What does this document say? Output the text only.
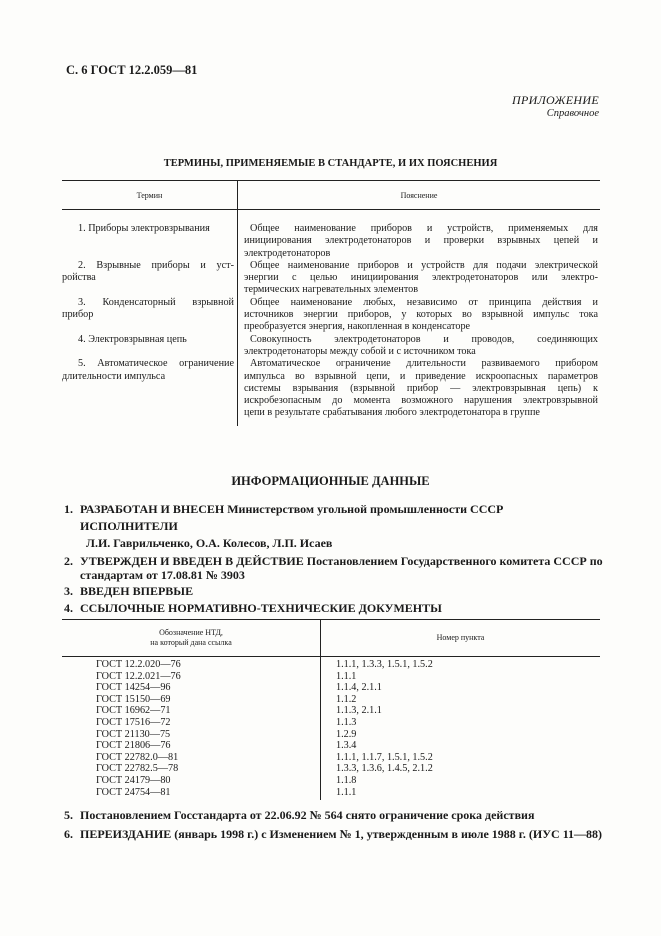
С. 6 ГОСТ 12.2.059—81
ПРИЛОЖЕНИЕ
Справочное
ТЕРМИНЫ, ПРИМЕНЯЕМЫЕ В СТАНДАРТЕ, И ИХ ПОЯСНЕНИЯ
Термин	Пояснение
1. Приборы электровзрывания
2. Взрывные приборы и уст-
ройства
3. Конденсаторный взрывной
прибор
4. Электровзрывная цепь
5. Автоматическое ограничение
длительности импульса
Общее наименование приборов и устройств, применяемых для
инициирования электродетонаторов и проверки взрывных цепей и
электродетонаторов
Общее наименование приборов и устройств для подачи электрической
энергии с целью инициирования электродетонаторов или электро-
термических нагревательных элементов
Общее наименование любых, независимо от принципа действия и
источников энергии приборов, у которых во взрывной импульс тока
преобразуется энергия, накопленная в конденсаторе
Совокупность электродетонаторов и проводов, соединяющих
электродетонаторы между собой и с источником тока
Автоматическое ограничение длительности развиваемого прибором
импульса во взрывной цепи, и приведение искроопасных параметров
системы взрывания (взрывной прибор — электровзрывная цепь) к
искробезопасным до момента возможного нарушения электровзрывной
цепи в результате срабатывания любого электродетонатора в группе
ИНФОРМАЦИОННЫЕ ДАННЫЕ
1. РАЗРАБОТАН И ВНЕСЕН Министерством угольной промышленности СССР
ИСПОЛНИТЕЛИ
Л.И. Гаврильченко, О.А. Колесов, Л.П. Исаев
2. УТВЕРЖДЕН И ВВЕДЕН В ДЕЙСТВИЕ Постановлением Государственного комитета СССР по
стандартам от 17.08.81 № 3903
3. ВВЕДЕН ВПЕРВЫЕ
4. ССЫЛОЧНЫЕ НОРМАТИВНО-ТЕХНИЧЕСКИЕ ДОКУМЕНТЫ
Обозначение НТД,
на который дана ссылка
Номер пункта
ГОСТ 12.2.020—76
ГОСТ 12.2.021—76
ГОСТ 14254—96
ГОСТ 15150—69
ГОСТ 16962—71
ГОСТ 17516—72
ГОСТ 21130—75
ГОСТ 21806—76
ГОСТ 22782.0—81
ГОСТ 22782.5—78
ГОСТ 24179—80
ГОСТ 24754—81
1.1.1, 1.3.3, 1.5.1, 1.5.2
1.1.1
1.1.4, 2.1.1
1.1.2
1.1.3, 2.1.1
1.1.3
1.2.9
1.3.4
1.1.1, 1.1.7, 1.5.1, 1.5.2
1.3.3, 1.3.6, 1.4.5, 2.1.2
1.1.8
1.1.1
5. Постановлением Госстандарта от 22.06.92 № 564 снято ограничение срока действия
6. ПЕРЕИЗДАНИЕ (январь 1998 г.) с Изменением № 1, утвержденным в июле 1988 г. (ИУС 11—88)
